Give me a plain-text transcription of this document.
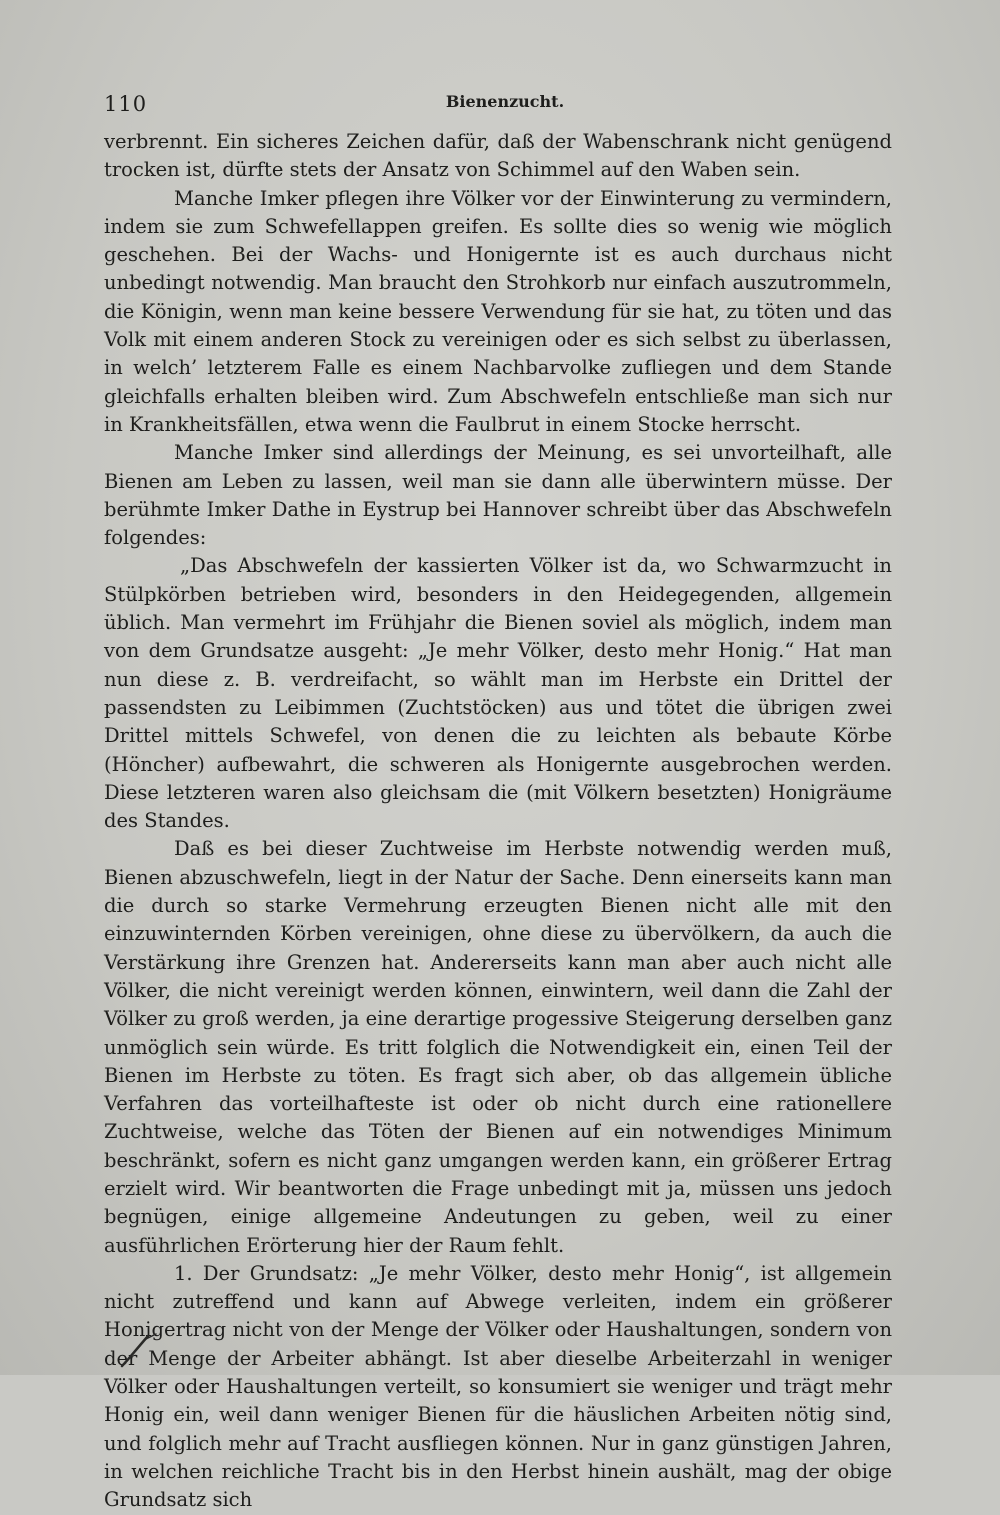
110	Bienenzucht.

verbrennt. Ein sicheres Zeichen dafür, daß der Wabenschrank nicht genügend trocken ist, dürfte stets der Ansatz von Schimmel auf den Waben sein.

Manche Imker pflegen ihre Völker vor der Einwinterung zu vermindern, indem sie zum Schwefellappen greifen. Es sollte dies so wenig wie möglich geschehen. Bei der Wachs- und Honigernte ist es auch durchaus nicht unbedingt notwendig. Man braucht den Strohkorb nur einfach auszutrommeln, die Königin, wenn man keine bessere Verwendung für sie hat, zu töten und das Volk mit einem anderen Stock zu vereinigen oder es sich selbst zu überlassen, in welch’ letzterem Falle es einem Nachbarvolke zufliegen und dem Stande gleichfalls erhalten bleiben wird. Zum Abschwefeln entschließe man sich nur in Krankheitsfällen, etwa wenn die Faulbrut in einem Stocke herrscht.

Manche Imker sind allerdings der Meinung, es sei unvorteilhaft, alle Bienen am Leben zu lassen, weil man sie dann alle überwintern müsse. Der berühmte Imker Dathe in Eystrup bei Hannover schreibt über das Abschwefeln folgendes:

„Das Abschwefeln der kassierten Völker ist da, wo Schwarmzucht in Stülpkörben betrieben wird, besonders in den Heidegegenden, allgemein üblich. Man vermehrt im Frühjahr die Bienen soviel als möglich, indem man von dem Grundsatze ausgeht: „Je mehr Völker, desto mehr Honig.“ Hat man nun diese z. B. verdreifacht, so wählt man im Herbste ein Drittel der passendsten zu Leibimmen (Zuchtstöcken) aus und tötet die übrigen zwei Drittel mittels Schwefel, von denen die zu leichten als bebaute Körbe (Höncher) aufbewahrt, die schweren als Honigernte ausgebrochen werden. Diese letzteren waren also gleichsam die (mit Völkern besetzten) Honigräume des Standes.

Daß es bei dieser Zuchtweise im Herbste notwendig werden muß, Bienen abzuschwefeln, liegt in der Natur der Sache. Denn einerseits kann man die durch so starke Vermehrung erzeugten Bienen nicht alle mit den einzuwinternden Körben vereinigen, ohne diese zu übervölkern, da auch die Verstärkung ihre Grenzen hat. Andererseits kann man aber auch nicht alle Völker, die nicht vereinigt werden können, einwintern, weil dann die Zahl der Völker zu groß werden, ja eine derartige progessive Steigerung derselben ganz unmöglich sein würde. Es tritt folglich die Notwendigkeit ein, einen Teil der Bienen im Herbste zu töten. Es fragt sich aber, ob das allgemein übliche Verfahren das vorteilhafteste ist oder ob nicht durch eine rationellere Zuchtweise, welche das Töten der Bienen auf ein notwendiges Minimum beschränkt, sofern es nicht ganz umgangen werden kann, ein größerer Ertrag erzielt wird. Wir beantworten die Frage unbedingt mit ja, müssen uns jedoch begnügen, einige allgemeine Andeutungen zu geben, weil zu einer ausführlichen Erörterung hier der Raum fehlt.

1. Der Grundsatz: „Je mehr Völker, desto mehr Honig“, ist allgemein nicht zutreffend und kann auf Abwege verleiten, indem ein größerer Honigertrag nicht von der Menge der Völker oder Haushaltungen, sondern von der Menge der Arbeiter abhängt. Ist aber dieselbe Arbeiterzahl in weniger Völker oder Haushaltungen verteilt, so konsumiert sie weniger und trägt mehr Honig ein, weil dann weniger Bienen für die häuslichen Arbeiten nötig sind, und folglich mehr auf Tracht ausfliegen können. Nur in ganz günstigen Jahren, in welchen reichliche Tracht bis in den Herbst hinein aushält, mag der obige Grundsatz sich
